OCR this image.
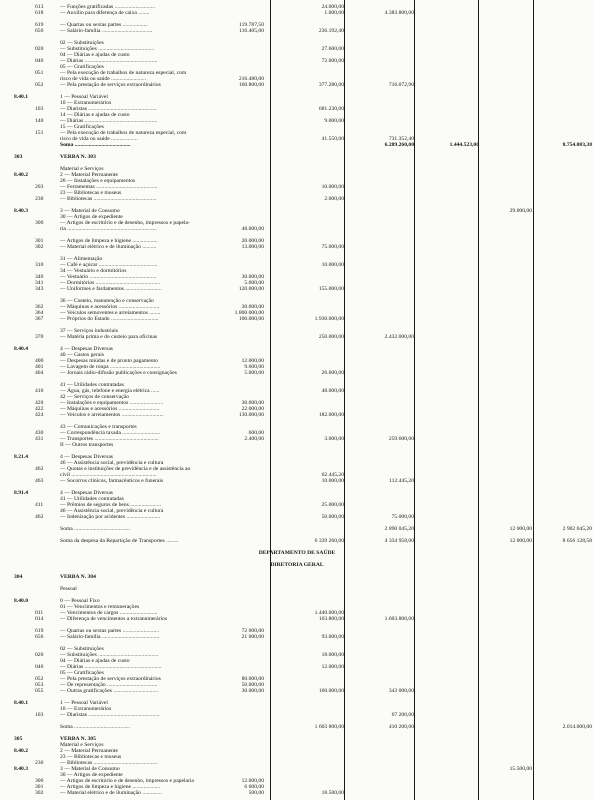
613	— Funções gratificadas .............................	24.000,00
618	— Auxílio para diferença de caixa ........	1.000,00	4.383.800,00
619	— Quartas ou sextas partes ..................	119.787,50
656	— Salário-família ....................................	116.405,00	236.192,40
02 — Substituições
020	— Substituições ........................................	27.600,00
04 — Diárias e ajudas de custo
040	— Diárias ....................................................	72.000,00
05 — Gratificações
051	— Pela execução de trabalhos de natureza especial, com
risco de vida ou saúde .........................	216.480,00
052	— Pela prestação de serviços extraordinários	160.800,00	377.280,00	716.072,90
8.40.1	1 — Pessoal Variável
10 — Extranumerários
103	— Diaristas .................................................	681.230,00
14 — Diárias e ajudas de custo
140	— Diárias ....................................................	9.000,00
15 — Gratificações
151	— Pela execução de trabalhos de natureza especial, com
risco de vida ou saúde ...................	41.550,00	731.352,40
Soma ........................................	6.289.260,00	1.444.523,00	8.754.083,38
303	VERBA N. 303
Material e Serviços
8.40.2	2 — Material Permanente
20 — Instalações e equipamentos
203	— Ferramentas ............................................	10.000,00
23 — Bibliotecas e museus
230	— Bibliotecas .............................................	2.000,00
8.40.3	3 — Material de Consumo	29.000,00
30 — Artigos de expediente
300	— Artigos de escritório e de desenho, impressos e papela-
ria ................................................................	48.000,00
301	— Artigos de limpeza e higiene ..................	20.000,00
302	— Material elétrico e de iluminação ..........	13.000,00	75.000,00
31 — Alimentação
310	— Café e açúcar ..........................................	10.000,00
34 — Vestuário e dormitórios
340	— Vestuário ................................................	30.000,00
341	— Dormitórios ..............................................	5.000,00
343	— Uniformes e fardamentos ..........................	120.000,00	155.000,00
36 — Custeio, manutenção e conservação
362	— Máquinas e acessórios .............................	30.000,00
364	— Veículos semoventes e arreiamentos ........	1.800.000,00
367	— Próprios do Estado ..................................	100.000,00	1.930.000,00
37 — Serviços industriais
370	— Matéria prima e do custeio para oficinas	250.000,00	2.432.000,00
8.40.4	4 — Despesas Diversas
40 — Gastos gerais
400	— Despesas miúdas e de pronto pagamento	12.000,00
401	— Lavagem de roupa ....................................	9.600,00
404	— Jornais rádio-difusão publicações e consignações	5.000,00	26.600,00
41 — Utilidades contratadas
410	— Água, gás, telefone e energia elétrica ......	48.000,00
42 — Serviços de conservação
420	— Instalações e equipamentos ........................	30.000,00
422	— Máquinas e acessórios .............................	22.000,00
424	— Veículos e arreiamentos ..............................	130.000,00	182.000,00
43 — Comunicações e transportes
430	— Correspondência taxada ...........................	600,00
431	— Transportes ..............................................	2.400,00	3.000,00	259.600,00
II — Outros transportes
8.21.4	4 — Despesas Diversas
46 — Assistência social, previdência e cultura
462	— Quotas e instituições de previdência e de assistência ao
civil .............................................................	62.445,20
463	— Socorros clínicos, farmacêuticos e funerais	10.000,00	112.445,20
8.91.4	4 — Despesas Diversas
41 — Utilidades contratadas
411	— Prêmios de seguros de bens ......................	25.000,00
46 — Assistência social, previdência e cultura
462	— Indenização por acidentes ........................	50.000,00	75.000,00
Soma ........................................	2 890 045,20	12 000,00	2 902 045,20
Soma da despesa da Repartição de Transportes .........	6 339 260,00	4 334 958,00	12 000,00	8 656 128,58
DEPARTAMENTO DE SAÚDE
DIRETORIA GERAL
304	VERBA N. 304
Pessoal
8.40.0	0 — Pessoal Fixo
01 — Vencimentos e remunerações
011	— Vencimentos de cargos ...........................	1.440.000,00
014	— Diferença de vencimentos a extranumerários	163.800,00	1.603.800,00
619	— Quartas ou sextas partes ..........................	72 000,00
656	— Salário-família .........................................	21 000,00	93.000,00
02 — Substituições
020	— Substituições ...........................................	18.000,00
04 — Diárias e ajudas de custo
040	— Diárias .......................................................	12.000,00
05 — Gratificações
052	— Pela prestação de serviços extraordinários	80.000,00
053	— De representação ....................................	50.000,00
055	— Outras gratificações ................................	30.000,00	160.000,00	343 000,00
8.40.1	1 — Pessoal Variável
10 — Extranumerários
103	— Diaristas ...................................................	67 200,00
Soma ........................................	1 603 800,00	410 200,00	2.014.000,00
305	VERBA N. 305
Material e Serviços
8.40.2	2 — Material Permanente
23 — Bibliotecas e museus
230	— Bibliotecas ..............................................
8.40.3	3 — Material de Consumo	15.500,00
30 — Artigos de expediente
300	— Artigos de escritório e de desenho, impressos e papelaria	12.000,00
301	— Artigos de limpeza e higiene ....................	6 000,00
302	— Material elétrico e de iluminação ..............	500,00	18.500,00
